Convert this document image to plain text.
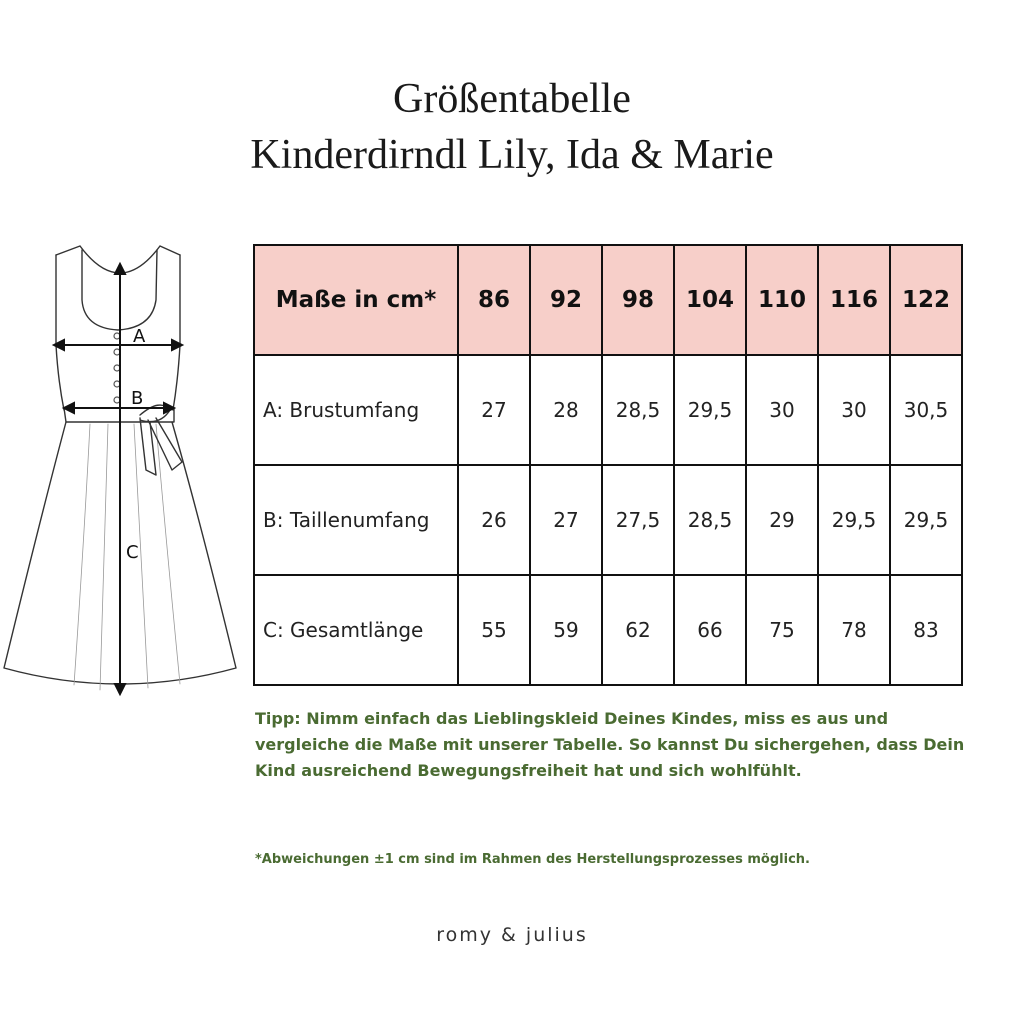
Größentabelle
Kinderdirndl Lily, Ida & Marie
A
B
C
Maße in cm*	86	92	98	104	110	116	122
A: Brustumfang	27	28	28,5	29,5	30	30	30,5
B: Taillenumfang	26	27	27,5	28,5	29	29,5	29,5
C: Gesamtlänge	55	59	62	66	75	78	83

Tipp: Nimm einfach das Lieblingskleid Deines Kindes, miss es aus und vergleiche die Maße mit unserer Tabelle. So kannst Du sichergehen, dass Dein Kind ausreichend Bewegungsfreiheit hat und sich wohlfühlt.

*Abweichungen ±1 cm sind im Rahmen des Herstellungsprozesses möglich.

romy & julius
